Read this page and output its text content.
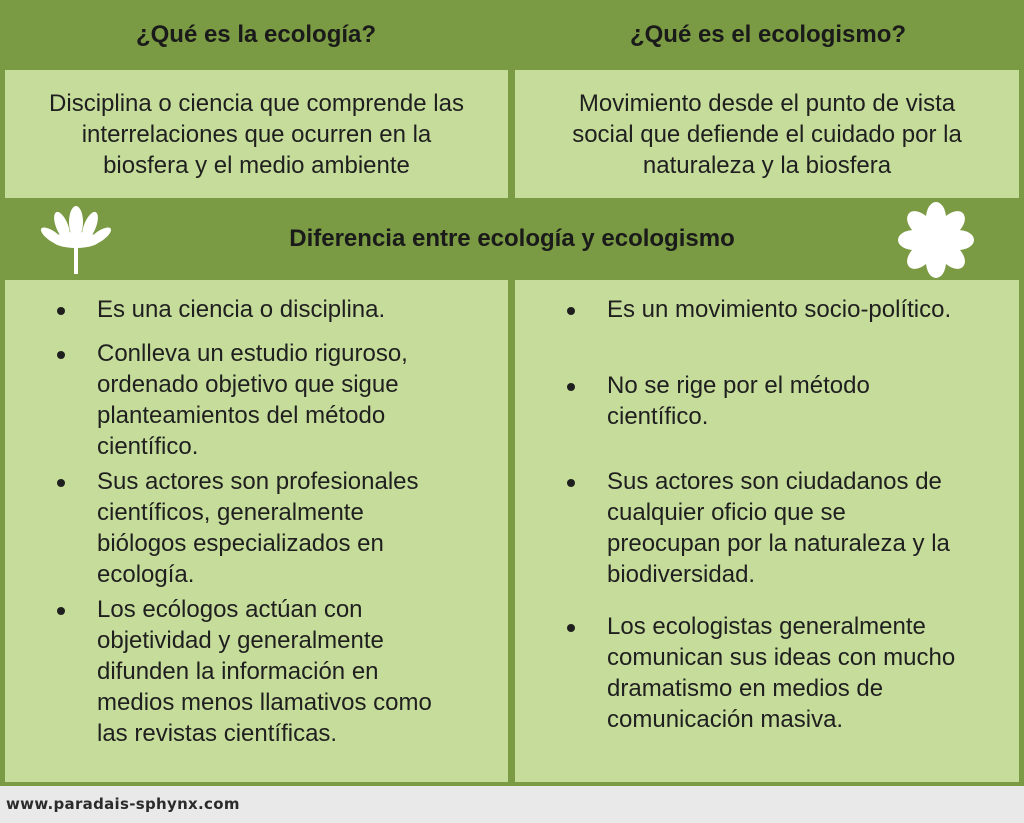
¿Qué es la ecología?	¿Qué es el ecologismo?
Disciplina o ciencia que comprende las
interrelaciones que ocurren en la
biosfera y el medio ambiente
Movimiento desde el punto de vista
social que defiende el cuidado por la
naturaleza y la biosfera
Diferencia entre ecología y ecologismo
Es una ciencia o disciplina.
Conlleva un estudio riguroso,
ordenado objetivo que sigue
planteamientos del método
científico.
Sus actores son profesionales
científicos, generalmente
biólogos especializados en
ecología.
Los ecólogos actúan con
objetividad y generalmente
difunden la información en
medios menos llamativos como
las revistas científicas.
Es un movimiento socio-político.
No se rige por el método
científico.
Sus actores son ciudadanos de
cualquier oficio que se
preocupan por la naturaleza y la
biodiversidad.
Los ecologistas generalmente
comunican sus ideas con mucho
dramatismo en medios de
comunicación masiva.
www.paradais-sphynx.com
